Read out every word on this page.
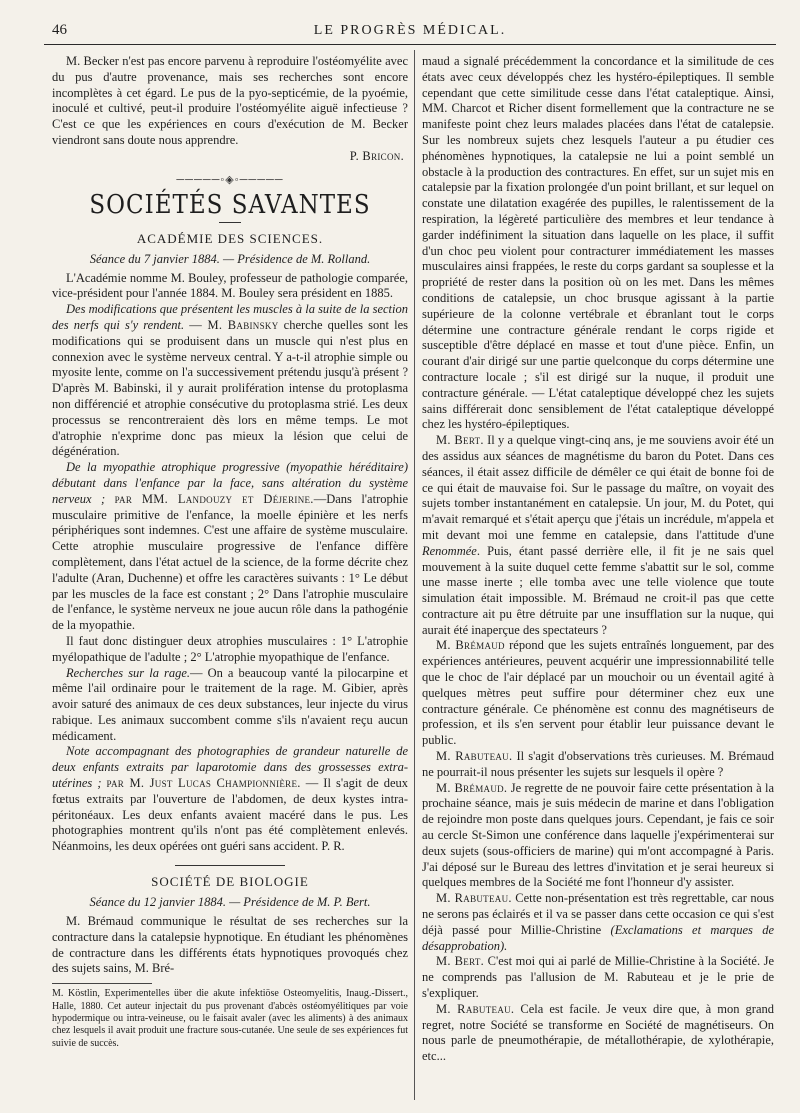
46	LE PROGRÈS MÉDICAL.

M. Becker n'est pas encore parvenu à reproduire l'ostéomyélite avec du pus d'autre provenance, mais ses recherches sont encore incomplètes à cet égard. Le pus de la pyo-septicémie, de la pyoémie, inoculé et cultivé, peut-il produire l'ostéomyélite aiguë infectieuse ? C'est ce que les expériences en cours d'exécution de M. Becker viendront sans doute nous apprendre.

P. Bricon.

─────◦◈◦─────
SOCIÉTÉS SAVANTES
ACADÉMIE DES SCIENCES.
Séance du 7 janvier 1884. — Présidence de M. Rolland.

L'Académie nomme M. Bouley, professeur de pathologie comparée, vice-président pour l'année 1884. M. Bouley sera président en 1885.

Des modifications que présentent les muscles à la suite de la section des nerfs qui s'y rendent. — M. Babinsky cherche quelles sont les modifications qui se produisent dans un muscle qui n'est plus en connexion avec le système nerveux central. Y a-t-il atrophie simple ou myosite lente, comme on l'a successivement prétendu jusqu'à présent ? D'après M. Babinski, il y aurait prolifération intense du protoplasma non différencié et atrophie consécutive du protoplasma strié. Les deux processus se rencontreraient dès lors en même temps. Le mot d'atrophie n'exprime donc pas mieux la lésion que celui de dégénération.

De la myopathie atrophique progressive (myopathie héréditaire) débutant dans l'enfance par la face, sans altération du système nerveux ; par MM. Landouzy et Déjerine.—Dans l'atrophie musculaire primitive de l'enfance, la moelle épinière et les nerfs périphériques sont indemnes. C'est une affaire de système musculaire. Cette atrophie musculaire progressive de l'enfance diffère complètement, dans l'état actuel de la science, de la forme décrite chez l'adulte (Aran, Duchenne) et offre les caractères suivants : 1° Le début par les muscles de la face est constant ; 2° Dans l'atrophie musculaire de l'enfance, le système nerveux ne joue aucun rôle dans la pathogénie de la myopathie.

Il faut donc distinguer deux atrophies musculaires : 1° L'atrophie myélopathique de l'adulte ; 2° L'atrophie myopathique de l'enfance.

Recherches sur la rage.— On a beaucoup vanté la pilocarpine et même l'ail ordinaire pour le traitement de la rage. M. Gibier, après avoir saturé des animaux de ces deux substances, leur injecte du virus rabique. Les animaux succombent comme s'ils n'avaient reçu aucun médicament.

Note accompagnant des photographies de grandeur naturelle de deux enfants extraits par laparotomie dans des grossesses extra-utérines ; par M. Just Lucas Championnière. — Il s'agit de deux fœtus extraits par l'ouverture de l'abdomen, de deux kystes intra-péritonéaux. Les deux enfants avaient macéré dans le pus. Les photographies montrent qu'ils n'ont pas été complètement enlevés. Néanmoins, les deux opérées ont guéri sans accident. P. R.

SOCIÉTÉ DE BIOLOGIE
Séance du 12 janvier 1884. — Présidence de M. P. Bert.

M. Brémaud communique le résultat de ses recherches sur la contracture dans la catalepsie hypnotique. En étudiant les phénomènes de contracture dans les différents états hypnotiques provoqués chez des sujets sains, M. Bré-

M. Köstlin, Experimentelles über die akute infektiöse Osteomyelitis, Inaug.-Dissert., Halle, 1880. Cet auteur injectait du pus provenant d'abcès ostéomyélitiques par voie hypodermique ou intra-veineuse, ou le faisait avaler (avec les aliments) à des animaux chez lesquels il avait produit une fracture sous-cutanée. Une seule de ses expériences fut suivie de succès.

maud a signalé précédemment la concordance et la similitude de ces états avec ceux développés chez les hystéro-épileptiques. Il semble cependant que cette similitude cesse dans l'état cataleptique. Ainsi, MM. Charcot et Richer disent formellement que la contracture ne se manifeste point chez leurs malades placées dans l'état de catalepsie. Sur les nombreux sujets chez lesquels l'auteur a pu étudier ces phénomènes hypnotiques, la catalepsie ne lui a point semblé un obstacle à la production des contractures. En effet, sur un sujet mis en catalepsie par la fixation prolongée d'un point brillant, et sur lequel on constate une dilatation exagérée des pupilles, le ralentissement de la respiration, la légèreté particulière des membres et leur tendance à garder indéfiniment la situation dans laquelle on les place, il suffit d'un choc peu violent pour contracturer immédiatement les masses musculaires ainsi frappées, le reste du corps gardant sa souplesse et la propriété de rester dans la position où on les met. Dans les mêmes conditions de catalepsie, un choc brusque agissant à la partie supérieure de la colonne vertébrale et ébranlant tout le corps détermine une contracture générale rendant le corps rigide et susceptible d'être déplacé en masse et tout d'une pièce. Enfin, un courant d'air dirigé sur une partie quelconque du corps détermine une contracture locale ; s'il est dirigé sur la nuque, il produit une contracture générale. — L'état cataleptique développé chez les sujets sains différerait donc sensiblement de l'état cataleptique développé chez les hystéro-épileptiques.

M. Bert. Il y a quelque vingt-cinq ans, je me souviens avoir été un des assidus aux séances de magnétisme du baron du Potet. Dans ces séances, il était assez difficile de démêler ce qui était de bonne foi de ce qui était de mauvaise foi. Sur le passage du maître, on voyait des sujets tomber instantanément en catalepsie. Un jour, M. du Potet, qui m'avait remarqué et s'était aperçu que j'étais un incrédule, m'appela et mit devant moi une femme en catalepsie, dans l'attitude d'une Renommée. Puis, étant passé derrière elle, il fit je ne sais quel mouvement à la suite duquel cette femme s'abattit sur le sol, comme une masse inerte ; elle tomba avec une telle violence que toute simulation était impossible. M. Brémaud ne croit-il pas que cette contracture ait pu être détruite par une insufflation sur la nuque, qui aurait été inaperçue des spectateurs ?

M. Brémaud répond que les sujets entraînés longuement, par des expériences antérieures, peuvent acquérir une impressionnabilité telle que le choc de l'air déplacé par un mouchoir ou un éventail agité à quelques mètres peut suffire pour déterminer chez eux une contracture générale. Ce phénomène est connu des magnétiseurs de profession, et ils s'en servent pour établir leur puissance devant le public.

M. Rabuteau. Il s'agit d'observations très curieuses. M. Brémaud ne pourrait-il nous présenter les sujets sur lesquels il opère ?

M. Brémaud. Je regrette de ne pouvoir faire cette présentation à la prochaine séance, mais je suis médecin de marine et dans l'obligation de rejoindre mon poste dans quelques jours. Cependant, je fais ce soir au cercle St-Simon une conférence dans laquelle j'expérimenterai sur deux sujets (sous-officiers de marine) qui m'ont accompagné à Paris. J'ai déposé sur le Bureau des lettres d'invitation et je serai heureux si quelques membres de la Société me font l'honneur d'y assister.

M. Rabuteau. Cette non-présentation est très regrettable, car nous ne serons pas éclairés et il va se passer dans cette occasion ce qui s'est déjà passé pour Millie-Christine (Exclamations et marques de désapprobation).

M. Bert. C'est moi qui ai parlé de Millie-Christine à la Société. Je ne comprends pas l'allusion de M. Rabuteau et je le prie de s'expliquer.

M. Rabuteau. Cela est facile. Je veux dire que, à mon grand regret, notre Société se transforme en Société de magnétiseurs. On nous parle de pneumothérapie, de métallothérapie, de xylothérapie, etc...
